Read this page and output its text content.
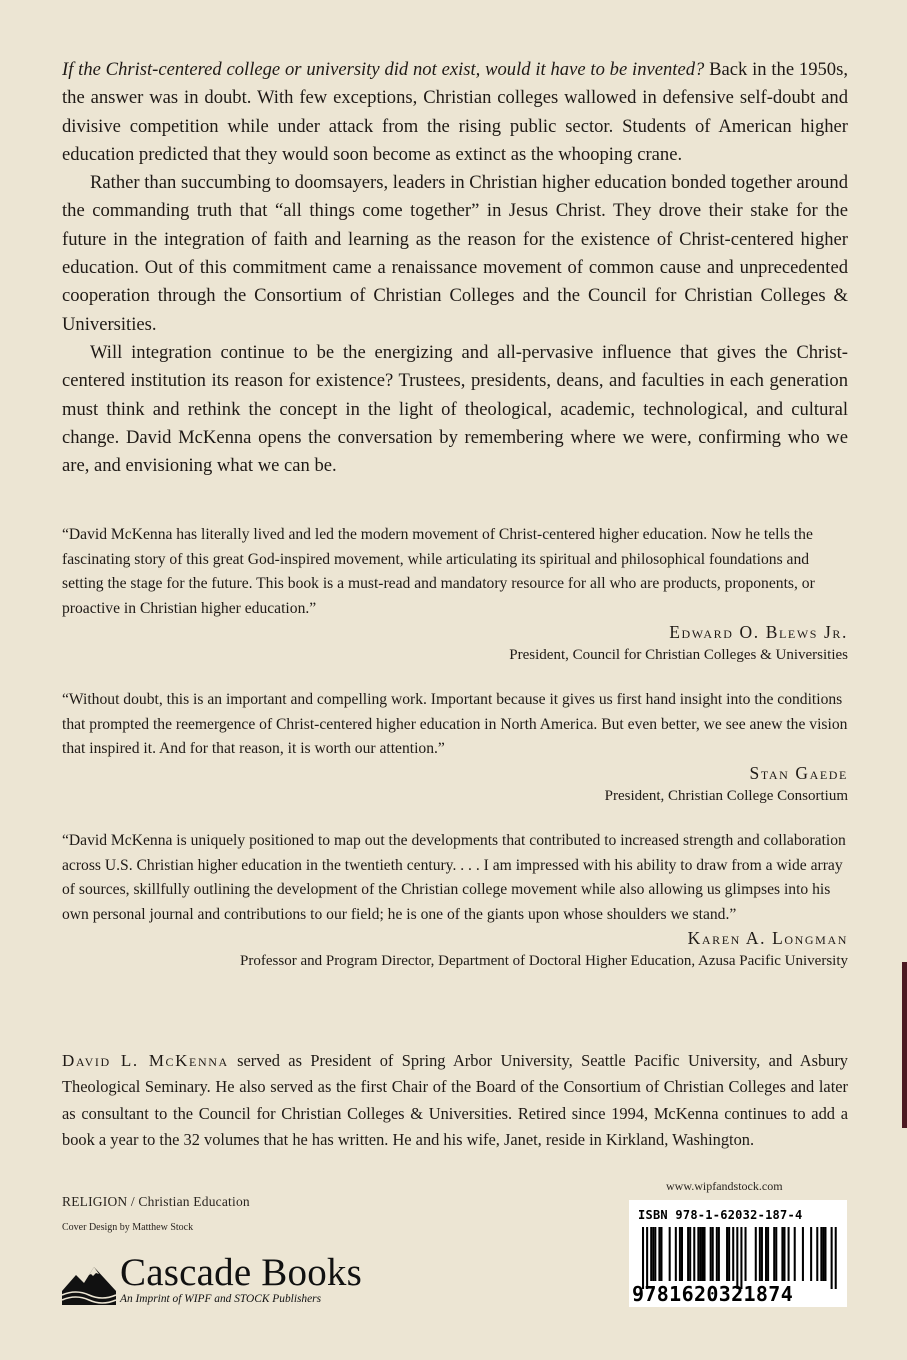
If the Christ-centered college or university did not exist, would it have to be invented? Back in the 1950s, the answer was in doubt. With few exceptions, Christian colleges wallowed in defensive self-doubt and divisive competition while under attack from the rising public sector. Students of American higher education predicted that they would soon become as extinct as the whooping crane.

Rather than succumbing to doomsayers, leaders in Christian higher education bonded together around the commanding truth that “all things come together” in Jesus Christ. They drove their stake for the future in the integration of faith and learning as the reason for the existence of Christ-centered higher education. Out of this commitment came a renaissance movement of common cause and unprecedented cooperation through the Consortium of Christian Colleges and the Council for Christian Colleges & Universities.

Will integration continue to be the energizing and all-pervasive influence that gives the Christ-centered institution its reason for existence? Trustees, presidents, deans, and faculties in each generation must think and rethink the concept in the light of theological, academic, technological, and cultural change. David McKenna opens the conversation by remembering where we were, confirming who we are, and envisioning what we can be.

“David McKenna has literally lived and led the modern movement of Christ-centered higher education. Now he tells the fascinating story of this great God-inspired movement, while articulating its spiritual and philosophical foundations and setting the stage for the future. This book is a must-read and mandatory resource for all who are products, proponents, or proactive in Christian higher education.”

Edward O. Blews Jr.
President, Council for Christian Colleges & Universities

“Without doubt, this is an important and compelling work. Important because it gives us first hand insight into the conditions that prompted the reemergence of Christ-centered higher education in North America. But even better, we see anew the vision that inspired it. And for that reason, it is worth our attention.”

Stan Gaede
President, Christian College Consortium

“David McKenna is uniquely positioned to map out the developments that contributed to increased strength and collaboration across U.S. Christian higher education in the twentieth century. . . . I am impressed with his ability to draw from a wide array of sources, skillfully outlining the development of the Christian college movement while also allowing us glimpses into his own personal journal and contributions to our field; he is one of the giants upon whose shoulders we stand.”

Karen A. Longman
Professor and Program Director, Department of Doctoral Higher Education, Azusa Pacific University

David L. McKenna served as President of Spring Arbor University, Seattle Pacific University, and Asbury Theological Seminary. He also served as the first Chair of the Board of the Consortium of Christian Colleges and later as consultant to the Council for Christian Colleges & Universities. Retired since 1994, McKenna continues to add a book a year to the 32 volumes that he has written. He and his wife, Janet, reside in Kirkland, Washington.

RELIGION / Christian Education
Cover Design by Matthew Stock
Cascade Books
An Imprint of WIPF and STOCK Publishers
www.wipfandstock.com
ISBN 978-1-62032-187-4
9781620321874
